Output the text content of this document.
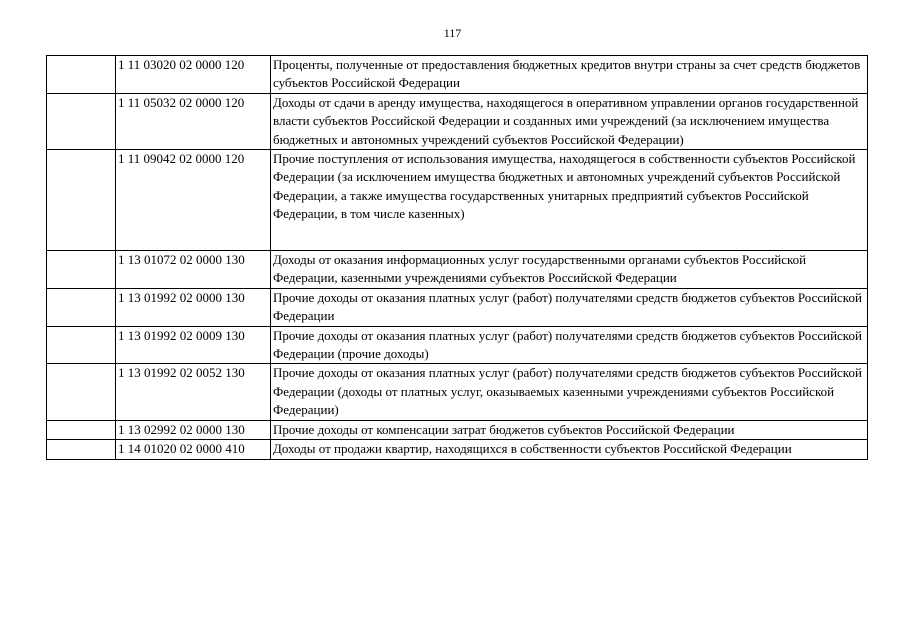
117
	1 11 03020 02 0000 120	Проценты, полученные от предоставления бюджетных кредитов внутри страны за счет средств бюджетов субъектов Российской Федерации
	1 11 05032 02 0000 120	Доходы от сдачи в аренду имущества, находящегося в оперативном управлении органов государственной власти субъектов Российской Федерации и созданных ими учреждений (за исключением имущества бюджетных и автономных учреждений субъектов Российской Федерации)
	1 11 09042 02 0000 120	Прочие поступления от использования имущества, находящегося в собственности субъектов Российской Федерации (за исключением имущества бюджетных и автономных учреждений субъектов Российской Федерации, а также имущества государственных унитарных предприятий субъектов Российской Федерации, в том числе казенных)
	1 13 01072 02 0000 130	Доходы от оказания информационных услуг государственными органами субъектов Российской Федерации, казенными учреждениями субъектов Российской Федерации
	1 13 01992 02 0000 130	Прочие доходы от оказания платных услуг (работ) получателями средств бюджетов субъектов Российской Федерации
	1 13 01992 02 0009 130	Прочие доходы от оказания платных услуг (работ) получателями средств бюджетов субъектов Российской Федерации (прочие доходы)
	1 13 01992 02 0052 130	Прочие доходы от оказания платных услуг (работ) получателями средств бюджетов субъектов Российской Федерации (доходы от платных услуг, оказываемых казенными учреждениями субъектов Российской Федерации)
	1 13 02992 02 0000 130	Прочие доходы от компенсации затрат бюджетов субъектов Российской Федерации
	1 14 01020 02 0000 410	Доходы от продажи квартир, находящихся в собственности субъектов Российской Федерации
